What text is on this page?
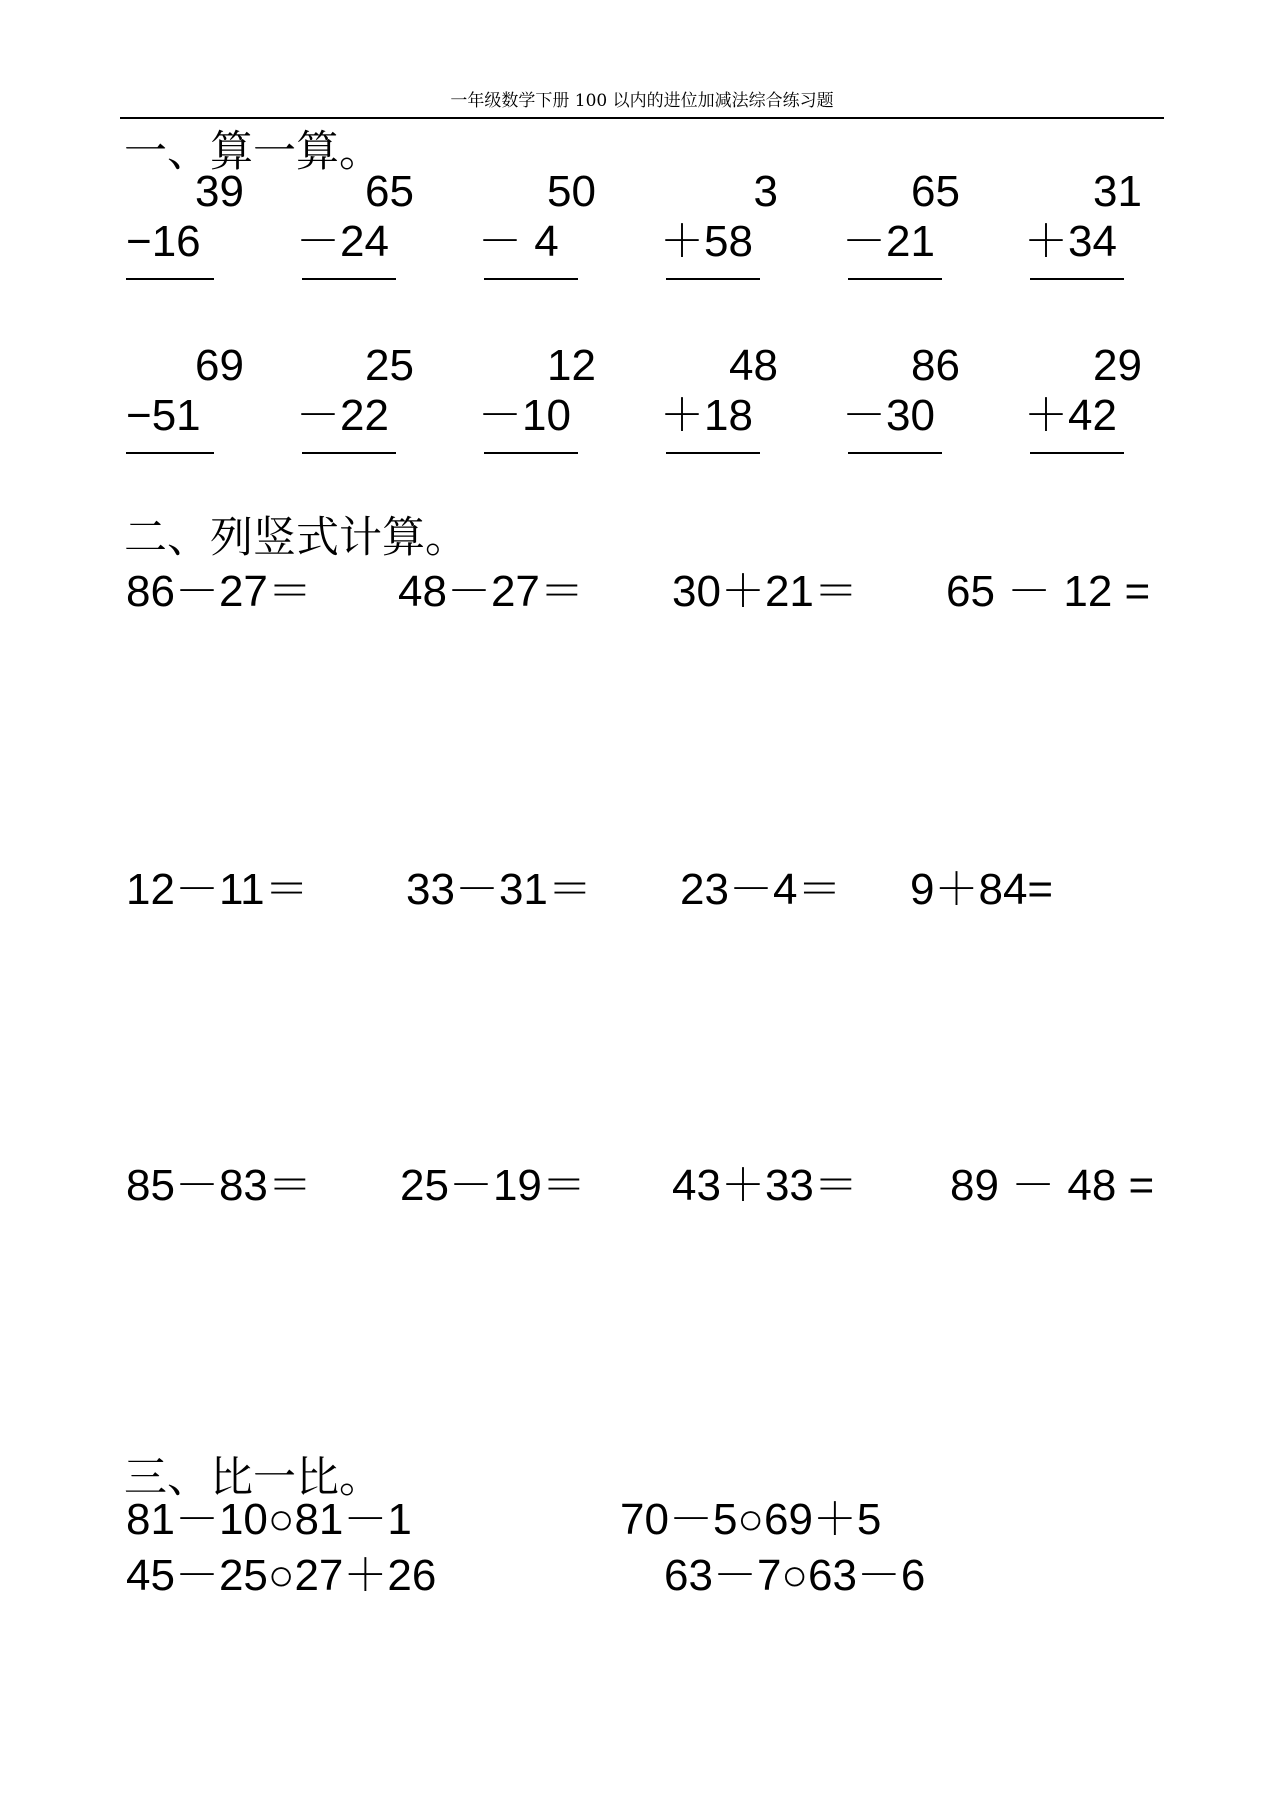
一年级数学下册 100 以内的进位加减法综合练习题
一、算一算。
39
−16
65
－24
50
－ 4
3
＋58
65
－21
31
＋34
69
−51
25
－22
12
－10
48
＋18
86
－30
29
＋42
二、列竖式计算。
86－27＝ 48－27＝ 30＋21＝ 65 － 12 =
12－11＝ 33－31＝ 23－4＝ 9＋84=
85－83＝ 25－19＝ 43＋33＝ 89 － 48 =
三、比一比。
81－10○81－1	70－5○69＋5
45－25○27＋26	63－7○63－6
